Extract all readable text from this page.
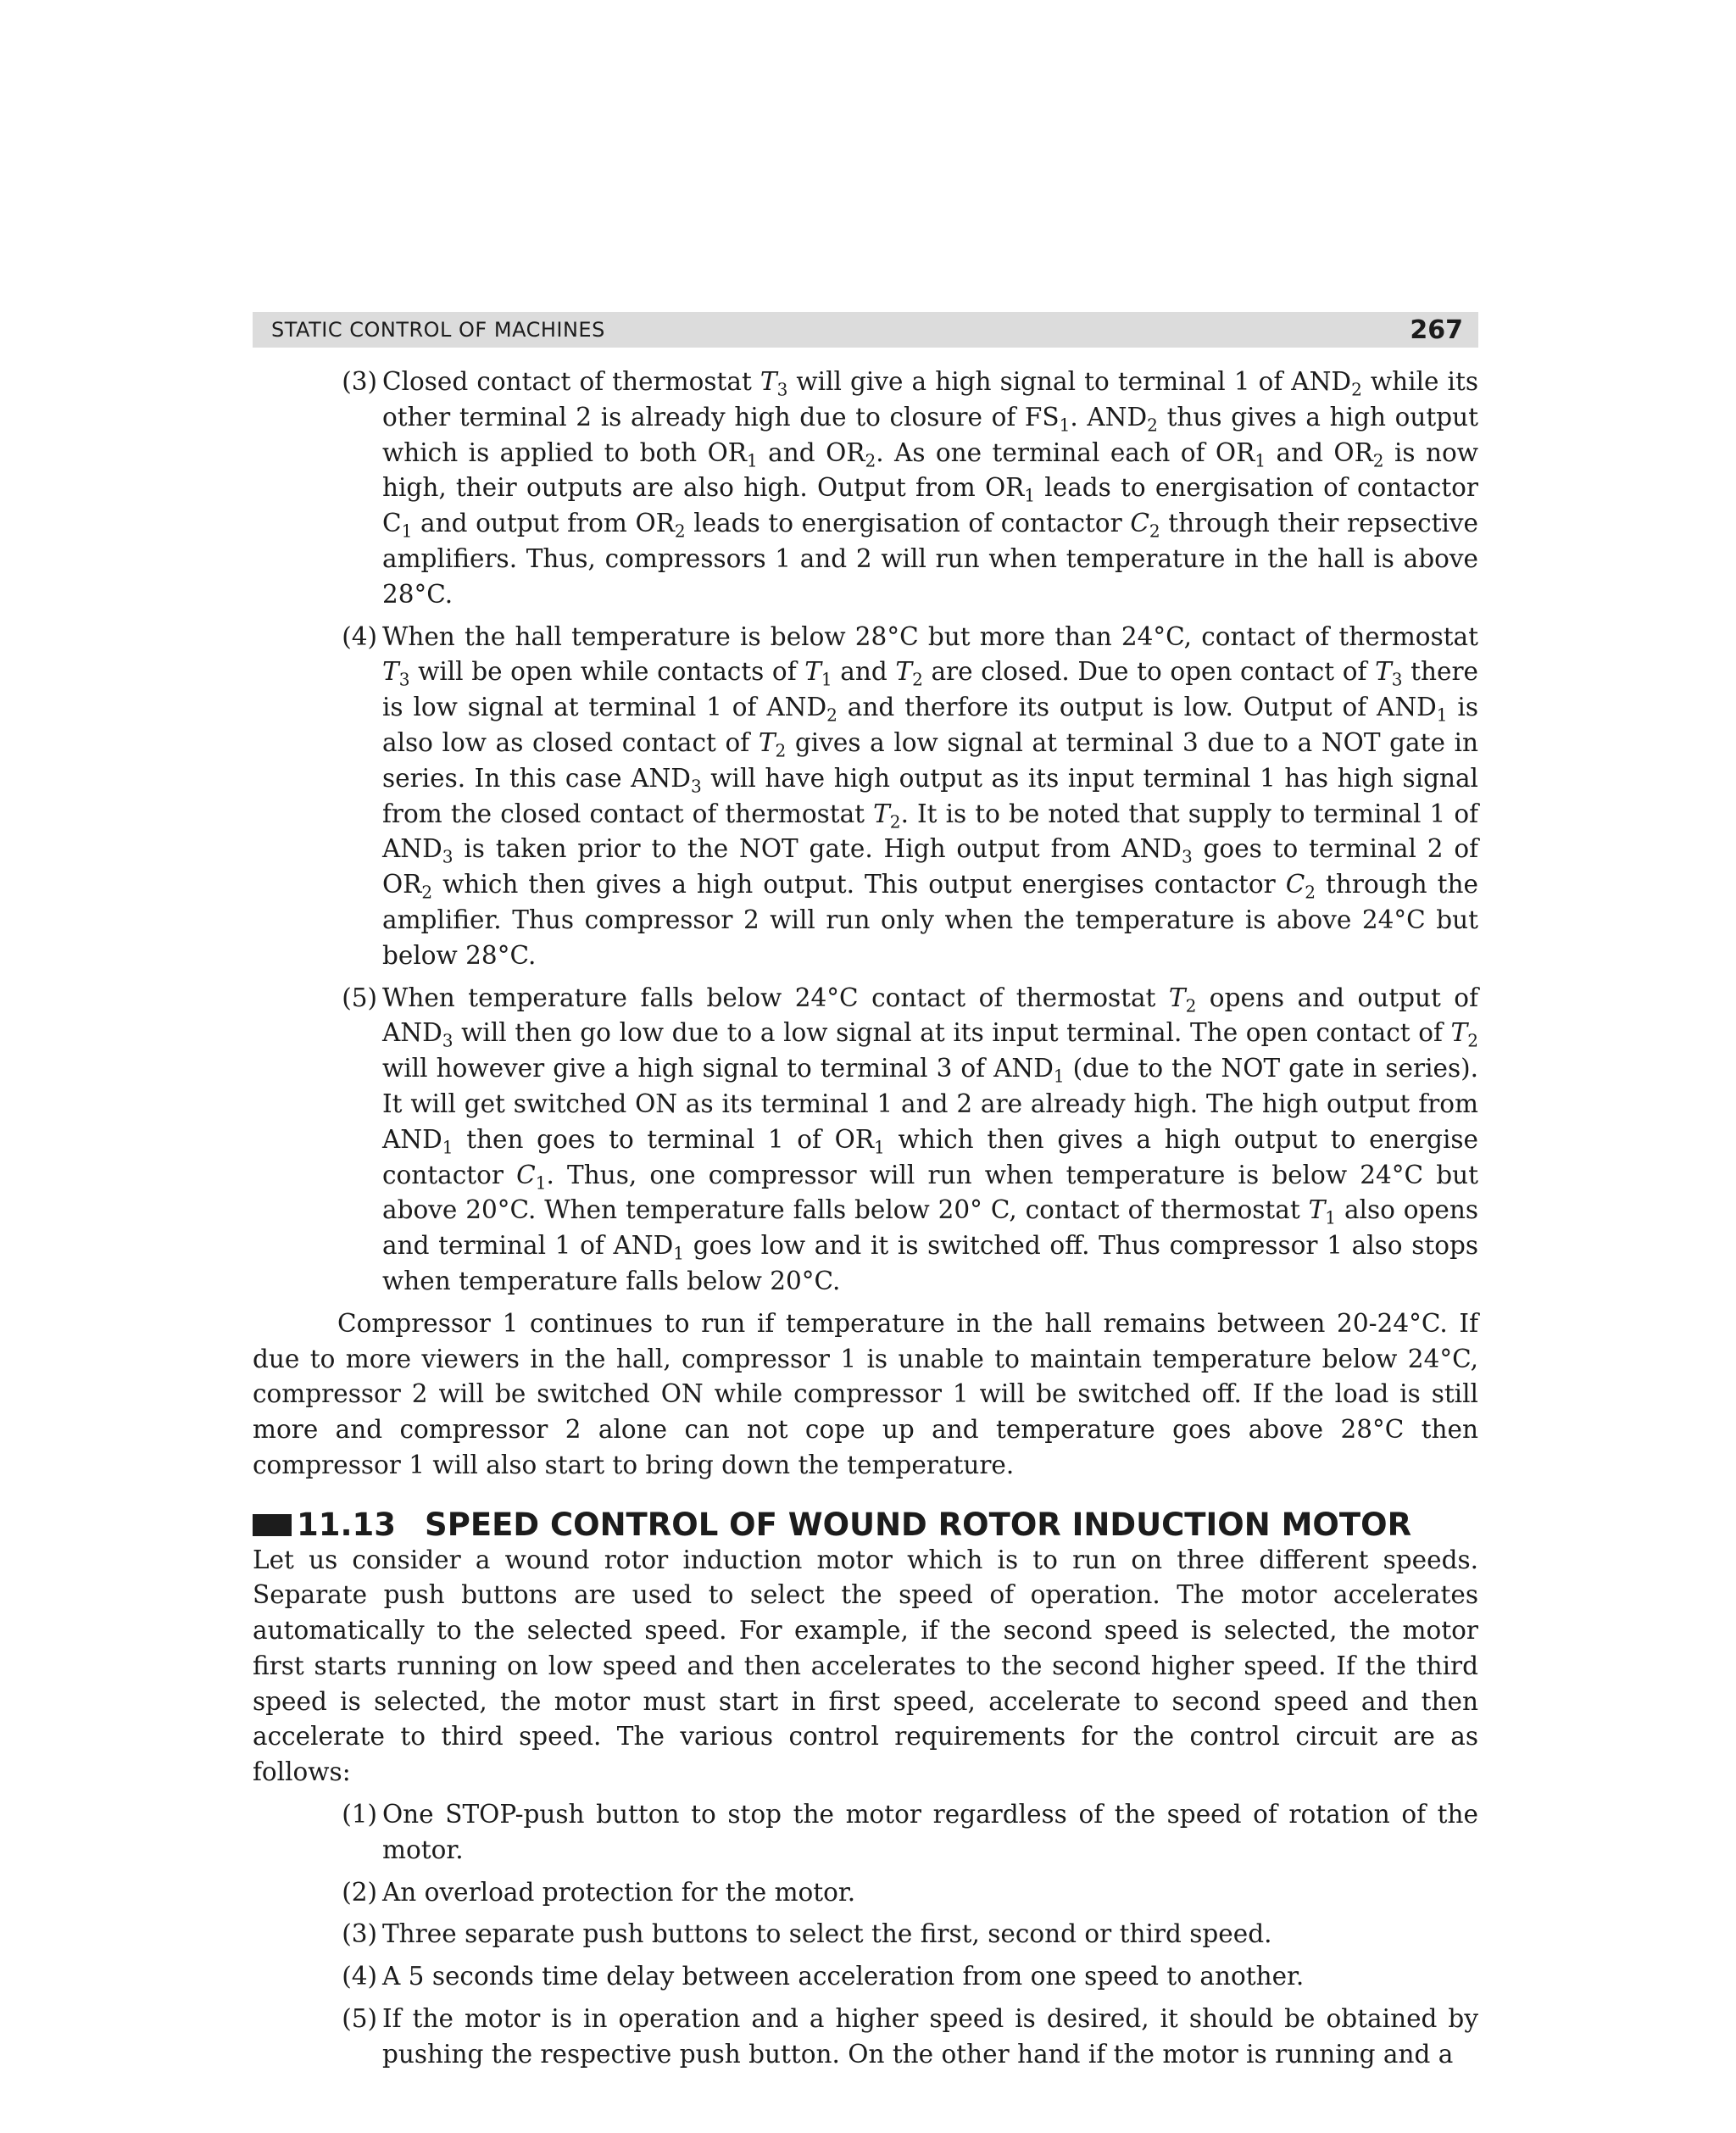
STATIC CONTROL OF MACHINES	267
(3) Closed contact of thermostat $T_3$ will give a high signal to terminal 1 of $AND_2$ while its other terminal 2 is already high due to closure of $FS_1$. $AND_2$ thus gives a high output which is applied to both $OR_1$ and $OR_2$. As one terminal each of $OR_1$ and $OR_2$ is now high, their outputs are also high. Output from $OR_1$ leads to energisation of contactor $C_1$ and output from $OR_2$ leads to energisation of contactor $C_2$ through their repsective amplifiers. Thus, compressors 1 and 2 will run when temperature in the hall is above 28°C.
(4) When the hall temperature is below 28°C but more than 24°C, contact of thermostat $T_3$ will be open while contacts of $T_1$ and $T_2$ are closed. Due to open contact of $T_3$ there is low signal at terminal 1 of $AND_2$ and therfore its output is low. Output of $AND_1$ is also low as closed contact of $T_2$ gives a low signal at terminal 3 due to a NOT gate in series. In this case $AND_3$ will have high output as its input terminal 1 has high signal from the closed contact of thermostat $T_2$. It is to be noted that supply to terminal 1 of $AND_3$ is taken prior to the NOT gate. High output from $AND_3$ goes to terminal 2 of $OR_2$ which then gives a high output. This output energises contactor $C_2$ through the amplifier. Thus compressor 2 will run only when the temperature is above 24°C but below 28°C.
(5) When temperature falls below 24°C contact of thermostat $T_2$ opens and output of $AND_3$ will then go low due to a low signal at its input terminal. The open contact of $T_2$ will however give a high signal to terminal 3 of $AND_1$ (due to the NOT gate in series). It will get switched ON as its terminal 1 and 2 are already high. The high output from $AND_1$ then goes to terminal 1 of $OR_1$ which then gives a high output to energise contactor $C_1$. Thus, one compressor will run when temperature is below 24°C but above 20°C. When temperature falls below 20° C, contact of thermostat $T_1$ also opens and terminal 1 of $AND_1$ goes low and it is switched off. Thus compressor 1 also stops when temperature falls below 20°C.

Compressor 1 continues to run if temperature in the hall remains between 20-24°C. If due to more viewers in the hall, compressor 1 is unable to maintain temperature below 24°C, compressor 2 will be switched ON while compressor 1 will be switched off. If the load is still more and compressor 2 alone can not cope up and temperature goes above 28°C then compressor 1 will also start to bring down the temperature.

11.13 SPEED CONTROL OF WOUND ROTOR INDUCTION MOTOR

Let us consider a wound rotor induction motor which is to run on three different speeds. Separate push buttons are used to select the speed of operation. The motor accelerates automatically to the selected speed. For example, if the second speed is selected, the motor first starts running on low speed and then accelerates to the second higher speed. If the third speed is selected, the motor must start in first speed, accelerate to second speed and then accelerate to third speed. The various control requirements for the control circuit are as follows:

(1) One STOP-push button to stop the motor regardless of the speed of rotation of the motor.
(2) An overload protection for the motor.
(3) Three separate push buttons to select the first, second or third speed.
(4) A 5 seconds time delay between acceleration from one speed to another.
(5) If the motor is in operation and a higher speed is desired, it should be obtained by pushing the respective push button. On the other hand if the motor is running and a
